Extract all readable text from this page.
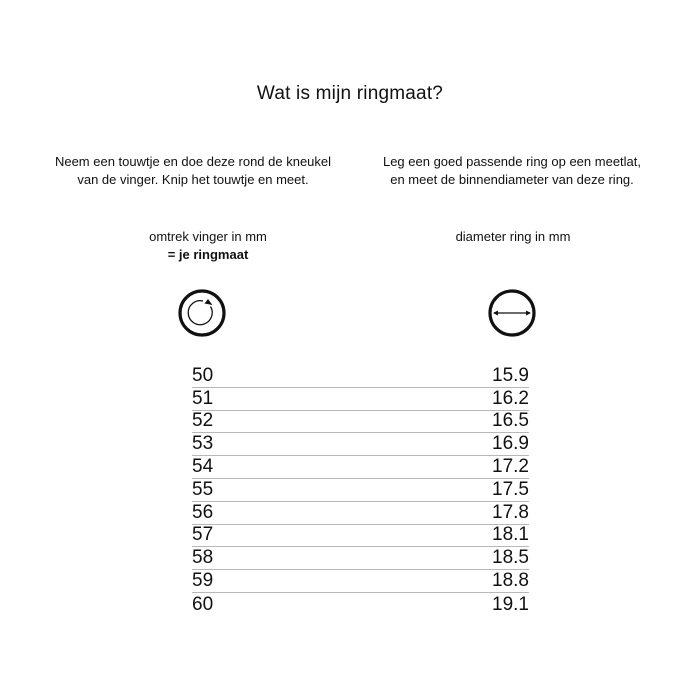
Wat is mijn ringmaat?
Neem een touwtje en doe deze rond de kneukel
van de vinger. Knip het touwtje en meet.
Leg een goed passende ring op een meetlat,
en meet de binnendiameter van deze ring.
omtrek vinger in mm
= je ringmaat
diameter ring in mm
50	15.9
51	16.2
52	16.5
53	16.9
54	17.2
55	17.5
56	17.8
57	18.1
58	18.5
59	18.8
60	19.1
